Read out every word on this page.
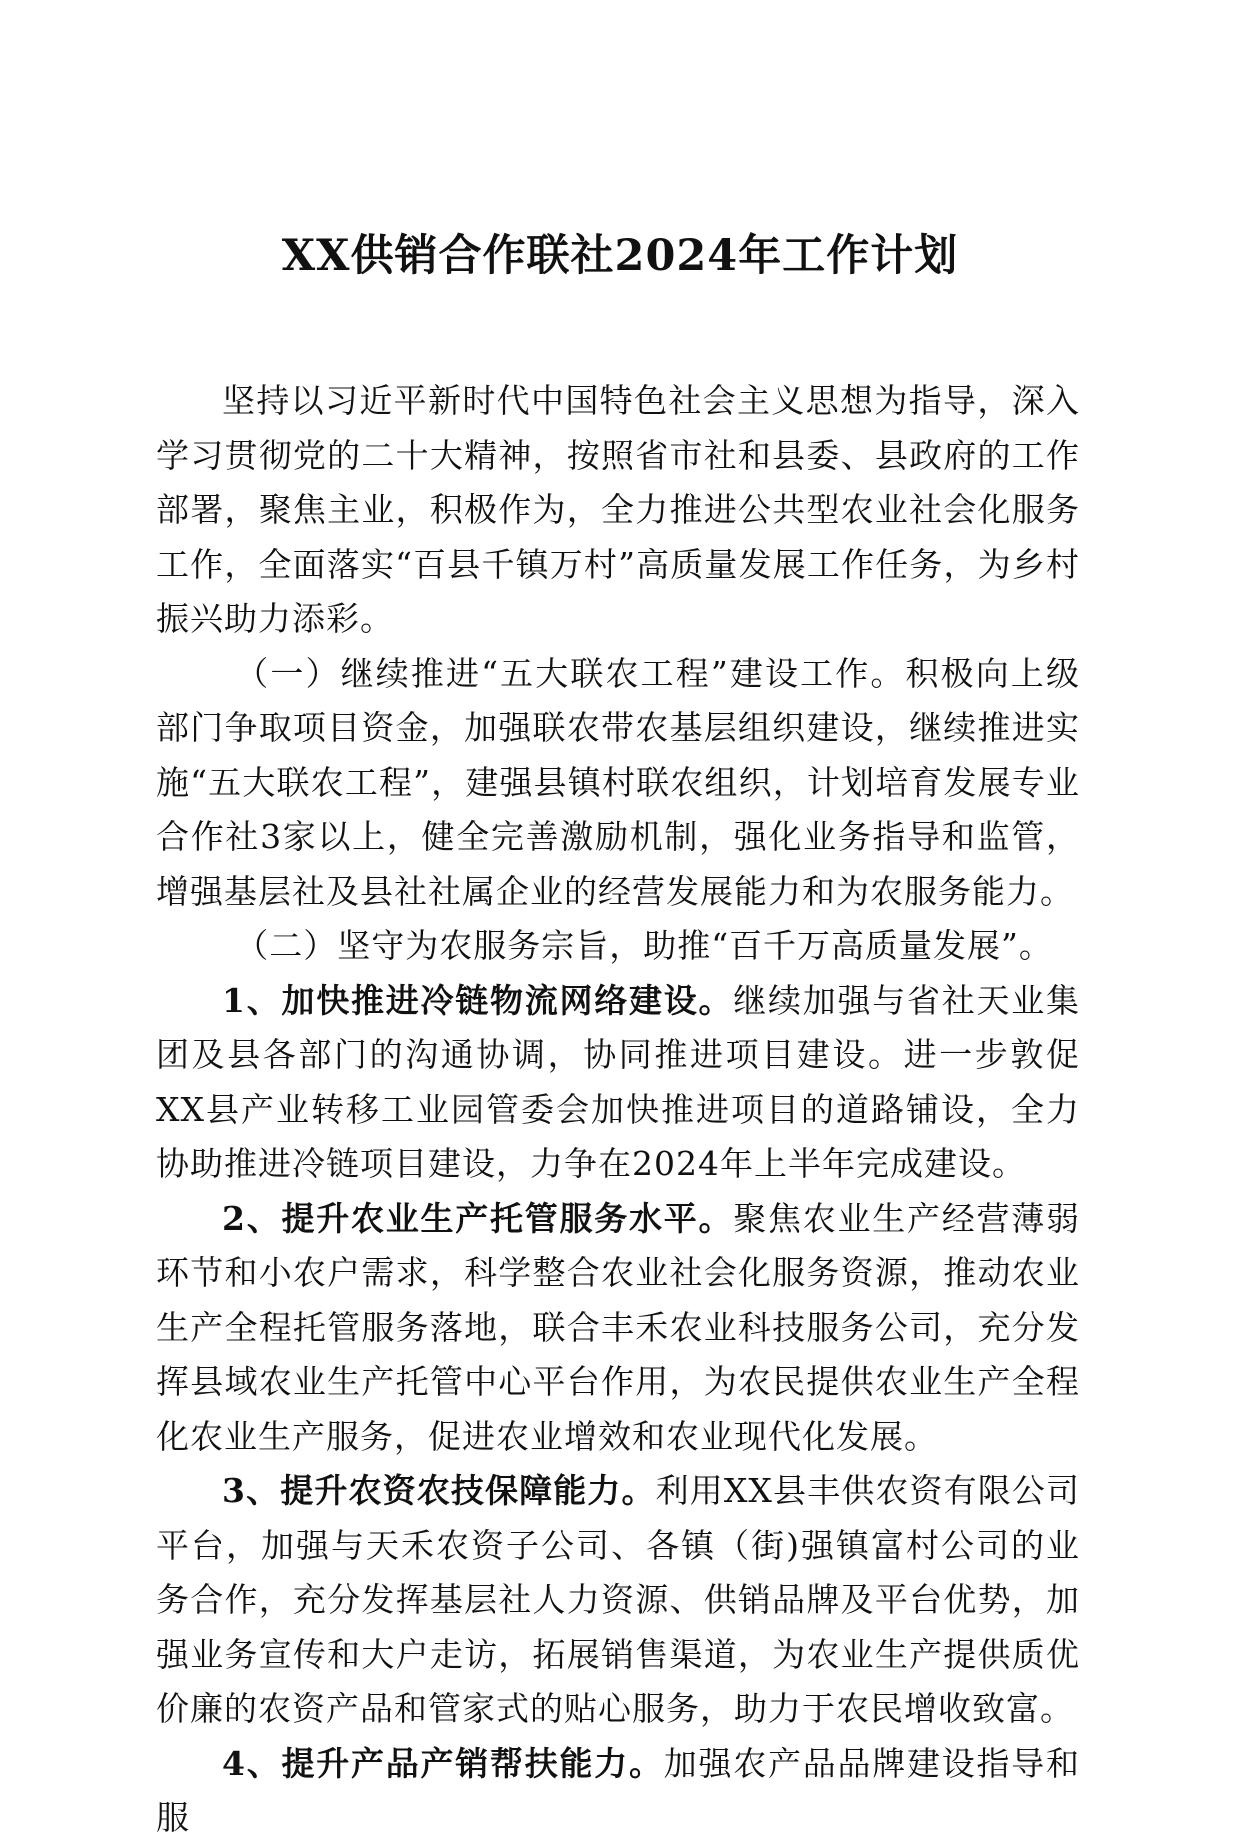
XX供销合作联社2024年工作计划

坚持以习近平新时代中国特色社会主义思想为指导，深入学习贯彻党的二十大精神，按照省市社和县委、县政府的工作部署，聚焦主业，积极作为，全力推进公共型农业社会化服务工作，全面落实“百县千镇万村”高质量发展工作任务，为乡村振兴助力添彩。

（一）继续推进“五大联农工程”建设工作。积极向上级部门争取项目资金，加强联农带农基层组织建设，继续推进实施“五大联农工程”，建强县镇村联农组织，计划培育发展专业合作社3家以上，健全完善激励机制，强化业务指导和监管，增强基层社及县社社属企业的经营发展能力和为农服务能力。

（二）坚守为农服务宗旨，助推“百千万高质量发展”。

1、加快推进冷链物流网络建设。继续加强与省社天业集团及县各部门的沟通协调，协同推进项目建设。进一步敦促XX县产业转移工业园管委会加快推进项目的道路铺设，全力协助推进冷链项目建设，力争在2024年上半年完成建设。

2、提升农业生产托管服务水平。聚焦农业生产经营薄弱环节和小农户需求，科学整合农业社会化服务资源，推动农业生产全程托管服务落地，联合丰禾农业科技服务公司，充分发挥县域农业生产托管中心平台作用，为农民提供农业生产全程化农业生产服务，促进农业增效和农业现代化发展。

3、提升农资农技保障能力。利用XX县丰供农资有限公司平台，加强与天禾农资子公司、各镇（街)强镇富村公司的业务合作，充分发挥基层社人力资源、供销品牌及平台优势，加强业务宣传和大户走访，拓展销售渠道，为农业生产提供质优价廉的农资产品和管家式的贴心服务，助力于农民增收致富。

4、提升产品产销帮扶能力。加强农产品品牌建设指导和服
